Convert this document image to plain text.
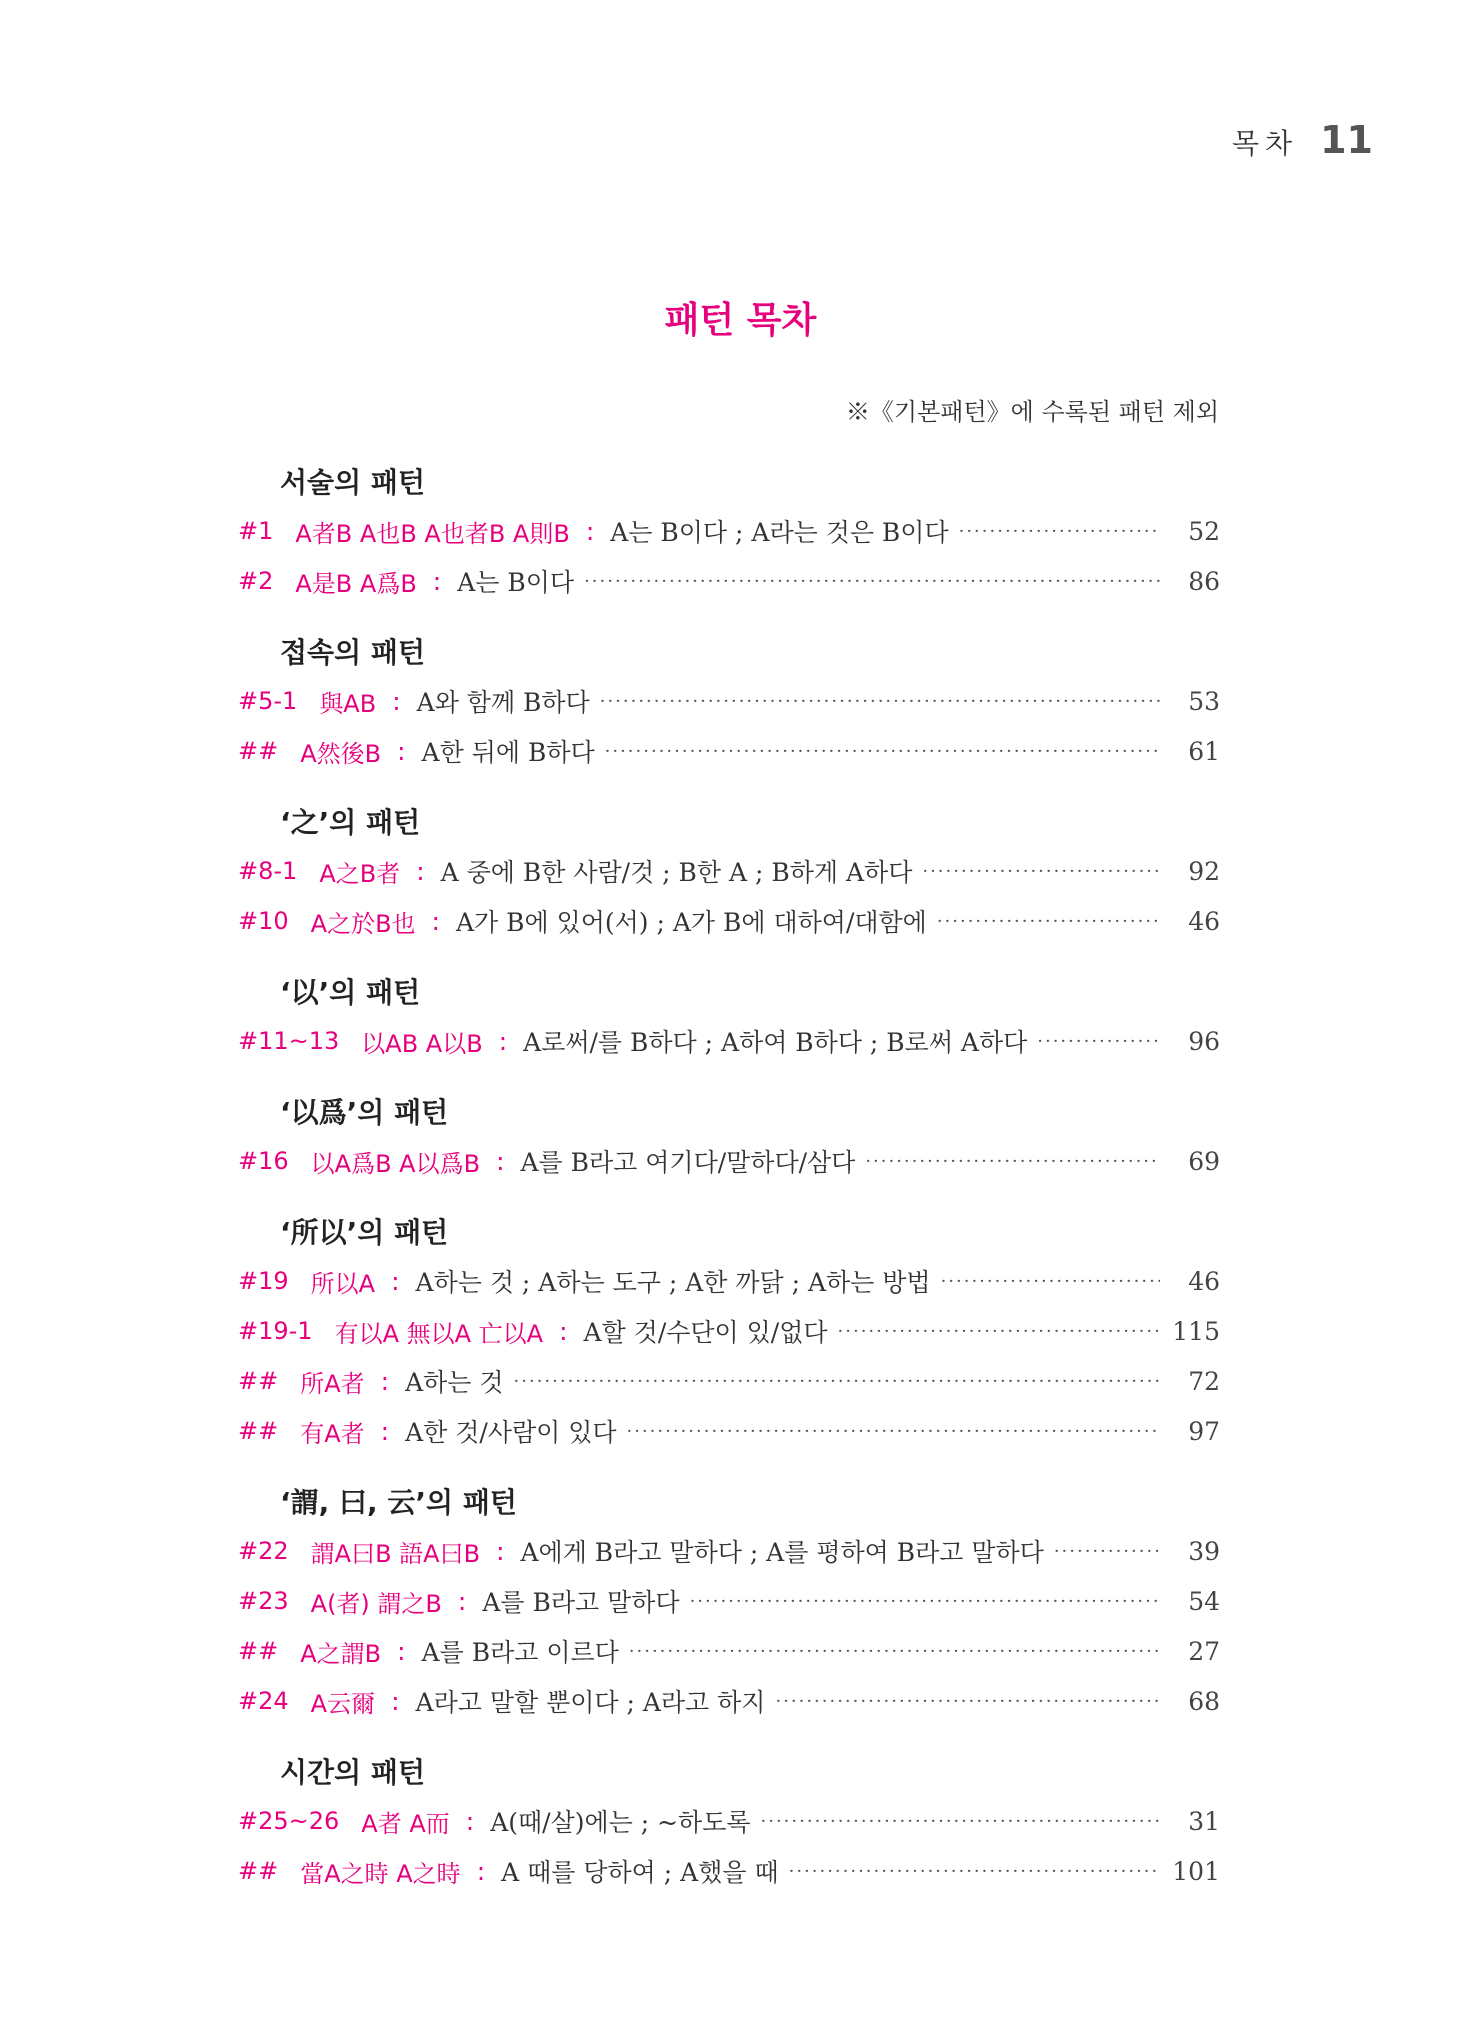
목차 11
패턴 목차
※《기본패턴》에 수록된 패턴 제외
서술의 패턴
#1 A者B A也B A也者B A則B : A는 B이다 ; A라는 것은 B이다 ·····	52
#2 A是B A爲B : A는 B이다 ·····	86
접속의 패턴
#5-1 與AB : A와 함께 B하다 ·····	53
## A然後B : A한 뒤에 B하다 ·····	61
‘之’의 패턴
#8-1 A之B者 : A 중에 B한 사람/것 ; B한 A ; B하게 A하다 ·····	92
#10 A之於B也 : A가 B에 있어(서) ; A가 B에 대하여/대함에 ·····	46
‘以’의 패턴
#11~13 以AB A以B : A로써/를 B하다 ; A하여 B하다 ; B로써 A하다 ·····	96
‘以爲’의 패턴
#16 以A爲B A以爲B : A를 B라고 여기다/말하다/삼다 ·····	69
‘所以’의 패턴
#19 所以A : A하는 것 ; A하는 도구 ; A한 까닭 ; A하는 방법 ·····	46
#19-1 有以A 無以A 亡以A : A할 것/수단이 있/없다 ·····	115
## 所A者 : A하는 것 ·····	72
## 有A者 : A한 것/사람이 있다 ·····	97
‘謂, 曰, 云’의 패턴
#22 謂A曰B 語A曰B : A에게 B라고 말하다 ; A를 평하여 B라고 말하다 ·····	39
#23 A(者) 謂之B : A를 B라고 말하다 ·····	54
## A之謂B : A를 B라고 이르다 ·····	27
#24 A云爾 : A라고 말할 뿐이다 ; A라고 하지 ·····	68
시간의 패턴
#25~26 A者 A而 : A(때/살)에는 ; ~하도록 ·····	31
## 當A之時 A之時 : A 때를 당하여 ; A했을 때 ·····	101
